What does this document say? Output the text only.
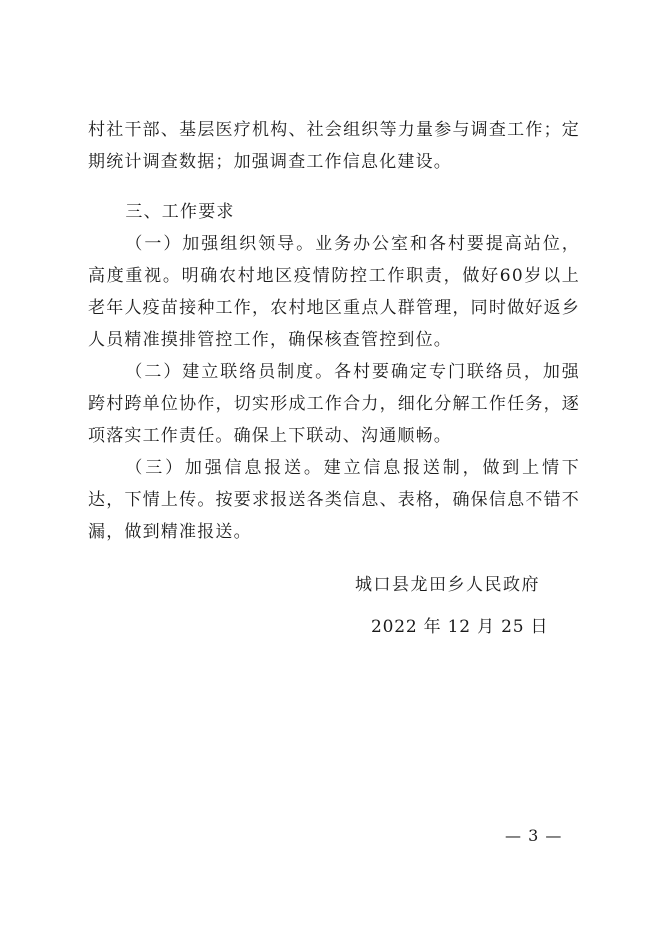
村社干部、基层医疗机构、社会组织等力量参与调查工作；定期统计调查数据；加强调查工作信息化建设。

三、工作要求

（一）加强组织领导。业务办公室和各村要提高站位，高度重视。明确农村地区疫情防控工作职责，做好60岁以上老年人疫苗接种工作，农村地区重点人群管理，同时做好返乡人员精准摸排管控工作，确保核查管控到位。

（二）建立联络员制度。各村要确定专门联络员，加强跨村跨单位协作，切实形成工作合力，细化分解工作任务，逐项落实工作责任。确保上下联动、沟通顺畅。

（三）加强信息报送。建立信息报送制，做到上情下达，下情上传。按要求报送各类信息、表格，确保信息不错不漏，做到精准报送。

城口县龙田乡人民政府
2022 年 12 月 25 日
— 3 —
